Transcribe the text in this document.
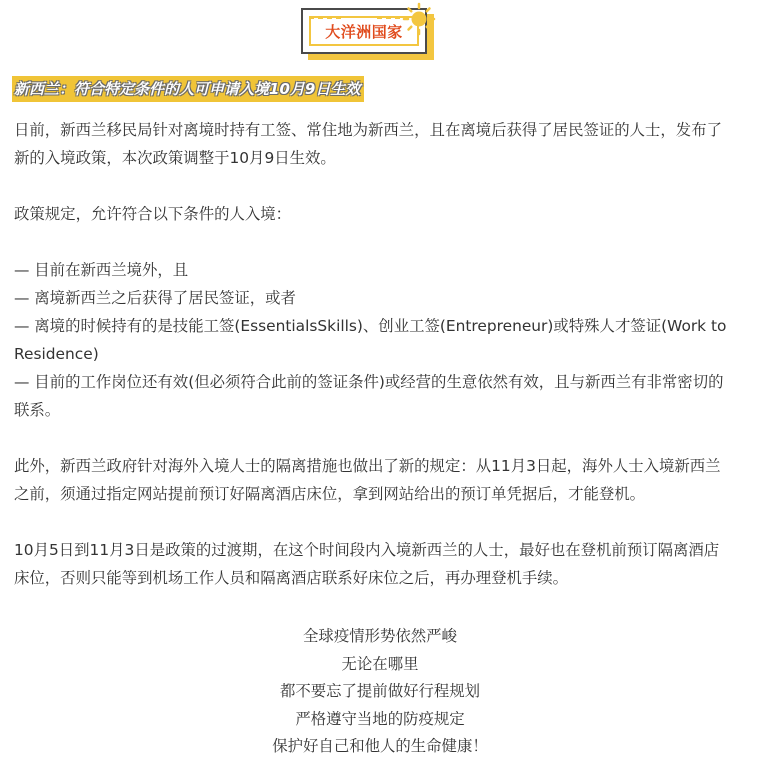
大洋洲国家
新西兰：符合特定条件的人可申请入境10月9日生效

日前，新西兰移民局针对离境时持有工签、常住地为新西兰，且在离境后获得了居民签证的人士，发布了新的入境政策，本次政策调整于10月9日生效。

政策规定，允许符合以下条件的人入境：

— 目前在新西兰境外，且

— 离境新西兰之后获得了居民签证，或者

— 离境的时候持有的是技能工签(EssentialsSkills)、创业工签(Entrepreneur)或特殊人才签证(Work to Residence)

— 目前的工作岗位还有效(但必须符合此前的签证条件)或经营的生意依然有效，且与新西兰有非常密切的联系。

此外，新西兰政府针对海外入境人士的隔离措施也做出了新的规定：从11月3日起，海外人士入境新西兰之前，须通过指定网站提前预订好隔离酒店床位，拿到网站给出的预订单凭据后，才能登机。

10月5日到11月3日是政策的过渡期，在这个时间段内入境新西兰的人士，最好也在登机前预订隔离酒店床位，否则只能等到机场工作人员和隔离酒店联系好床位之后，再办理登机手续。

全球疫情形势依然严峻

无论在哪里

都不要忘了提前做好行程规划

严格遵守当地的防疫规定

保护好自己和他人的生命健康！
